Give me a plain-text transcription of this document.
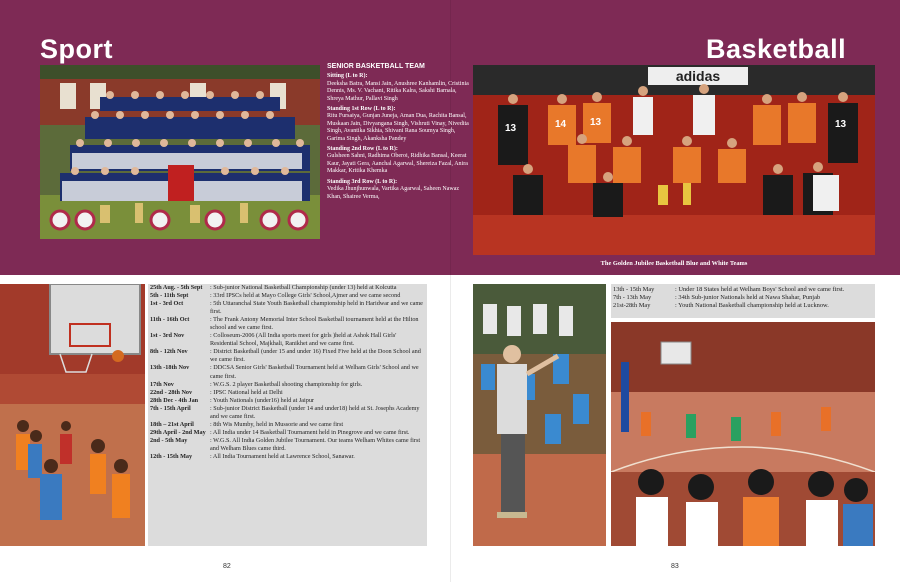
Sport	Basketball
SENIOR BASKETBALL TEAM
Sitting (L to R):
Deeksha Batra, Mansi Jain, Anushree Kanhamlin, Cristinia Dennis, Ms. V. Vachani, Ritika Kalra, Sakshi Barnala, Shreya Mathur, Pallavi Singh
Standing 1st Row (L to R):
Ritu Fursaiya, Gunjan Juneja, Aman Dua, Rachita Bansal, Muskaan Jain, Divyangana Singh, Vishruti Vinay, Nivedita Singh, Avantika Sikhia, Shivani Rana Soumya Singh, Garima Singh, Akanksha Pandey
Standing 2nd Row (L to R):
Gulsheen Sahni, Radhima Oberoi, Ridhika Bansal, Keerat Kaur, Jayati Gera, Aanchal Agarwal, Shereiza Fazal, Anira Makkar, Kritika Khemka
Standing 3rd Row (L to R):
Vedika Jhunjhunwala, Vartika Agarwal, Saheen Nawaz Khan, Shairee Verma,
adidas
13	14 13	13
The Golden Jubilee Basketball Blue and White Teams
25th Aug. - 5th Sept	: Sub-junior National Basketball Championship (under 13) held at Kolcutta
5th - 11th Sept	: 33rd IPSCs held at Mayo College Girls' School,Ajmer and we came second
1st - 3rd Oct	: 5th Uttaranchal State Youth Basketball championship held in Haridwar and we came first.
11th - 16th Oct	: The Frank Antony Memorial Inter School Basketball tournament held at the Hilton school and we came first.
1st - 3rd Nov	: Colloseum-2006 (All India sports meet for girls )held at Ashok Hall Girls' Residential School, Majkhali, Ranikhet and we came first.
8th - 12th Nov	: District Basketball (under 15 and under 16) Fixed Five held at the Doon School and we came first.
13th -18th Nov	: DDCSA Senior Girls' Basketball Tournament held at Welham Girls' School and we came first.
17th Nov	: W.G.S. 2 player Basketball shooting championship for girls.
22nd - 28th Nov	: IPSC National held at Delhi
28th Dec - 4th Jan	: Youth Nationals (under16) held at Jaipur
7th - 15th April	: Sub-junior District Basketball (under 14 and under18) held at St. Josephs Academy and we came first.
18th – 21st April	: 8th Wis Mumby, held in Mussorie and we came first
29th April - 2nd May : All India under 14 Basketball Tournament held in Pinegrove and we came first.
2nd - 5th May	: W.G.S. All India Golden Jubilee Tournament. Our teams Welham Whites came first and Welham Blues came third.
12th - 15th May	: All India Tournament held at Lawrence School, Sanawar.
13th - 15th May	: Under 18 States held at Welham Boys' School and we came first.
7th - 13th May	: 34th Sub-junior Nationals held at Nawa Shahar, Punjab
21st-28th May	: Youth National Basketball championship held at Lucknow.
82	83
